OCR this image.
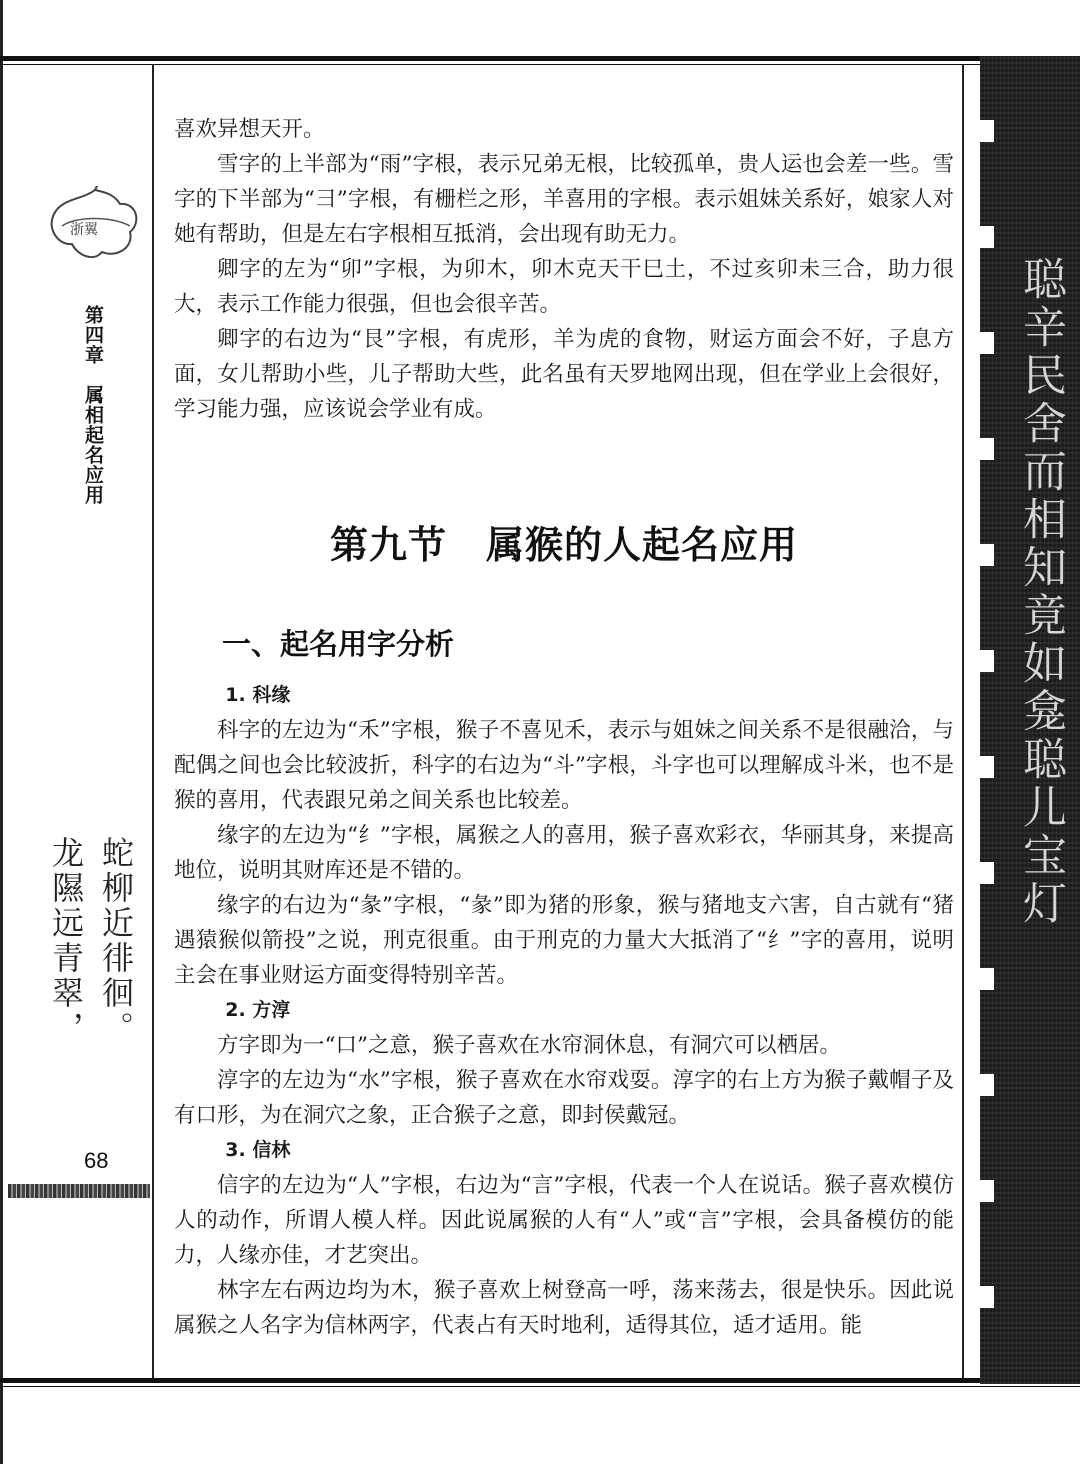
浙翼
第四章　属相起名应用
蛇柳近徘徊。
龙隰远青翠，
68
聪辛民舍而相知竟如龛聪儿宝灯

喜欢异想天开。

雪字的上半部为“雨”字根，表示兄弟无根，比较孤单，贵人运也会差一些。雪字的下半部为“彐”字根，有栅栏之形，羊喜用的字根。表示姐妹关系好，娘家人对她有帮助，但是左右字根相互抵消，会出现有助无力。

卿字的左为“卯”字根，为卯木，卯木克天干巳土，不过亥卯未三合，助力很大，表示工作能力很强，但也会很辛苦。

卿字的右边为“艮”字根，有虎形，羊为虎的食物，财运方面会不好，子息方面，女儿帮助小些，儿子帮助大些，此名虽有天罗地网出现，但在学业上会很好，学习能力强，应该说会学业有成。

第九节　属猴的人起名应用
一、起名用字分析

1. 科缘

科字的左边为“禾”字根，猴子不喜见禾，表示与姐妹之间关系不是很融洽，与配偶之间也会比较波折，科字的右边为“斗”字根，斗字也可以理解成斗米，也不是猴的喜用，代表跟兄弟之间关系也比较差。

缘字的左边为“纟”字根，属猴之人的喜用，猴子喜欢彩衣，华丽其身，来提高地位，说明其财库还是不错的。

缘字的右边为“彖”字根，“彖”即为猪的形象，猴与猪地支六害，自古就有“猪遇猿猴似箭投”之说，刑克很重。由于刑克的力量大大抵消了“纟”字的喜用，说明主会在事业财运方面变得特别辛苦。

2. 方淳

方字即为一“口”之意，猴子喜欢在水帘洞休息，有洞穴可以栖居。

淳字的左边为“水”字根，猴子喜欢在水帘戏耍。淳字的右上方为猴子戴帽子及有口形，为在洞穴之象，正合猴子之意，即封侯戴冠。

3. 信林

信字的左边为“人”字根，右边为“言”字根，代表一个人在说话。猴子喜欢模仿人的动作，所谓人模人样。因此说属猴的人有“人”或“言”字根，会具备模仿的能力，人缘亦佳，才艺突出。

林字左右两边均为木，猴子喜欢上树登高一呼，荡来荡去，很是快乐。因此说属猴之人名字为信林两字，代表占有天时地利，适得其位，适才适用。能
